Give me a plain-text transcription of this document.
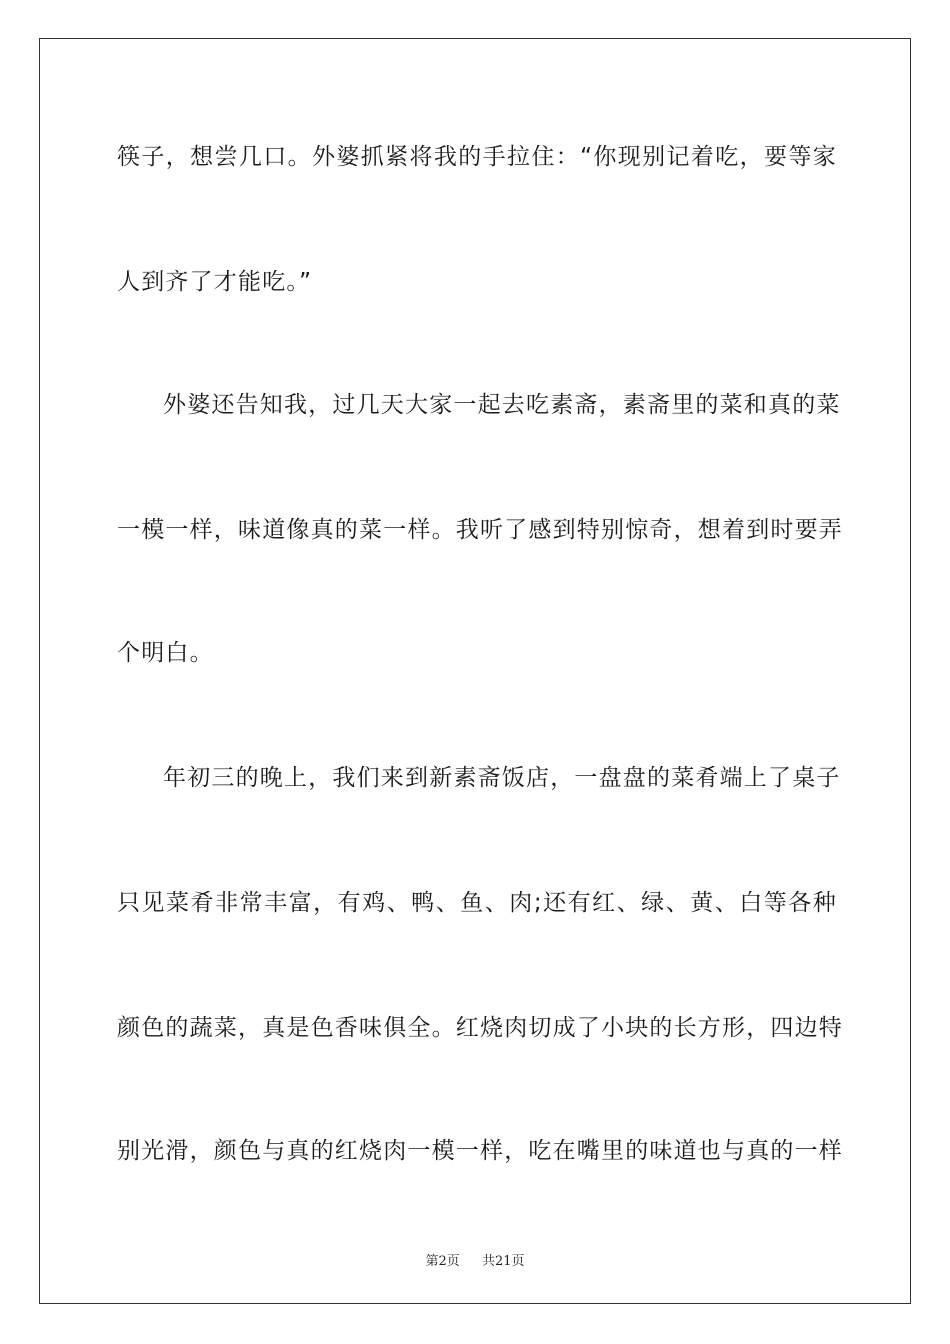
筷子，想尝几口。外婆抓紧将我的手拉住：“你现别记着吃，要等家
人到齐了才能吃。”
外婆还告知我，过几天大家一起去吃素斋，素斋里的菜和真的菜
一模一样，味道像真的菜一样。我听了感到特别惊奇，想着到时要弄
个明白。
年初三的晚上，我们来到新素斋饭店，一盘盘的菜肴端上了桌子
只见菜肴非常丰富，有鸡、鸭、鱼、肉;还有红、绿、黄、白等各种
颜色的蔬菜，真是色香味俱全。红烧肉切成了小块的长方形，四边特
别光滑，颜色与真的红烧肉一模一样，吃在嘴里的味道也与真的一样
第2页 共21页
